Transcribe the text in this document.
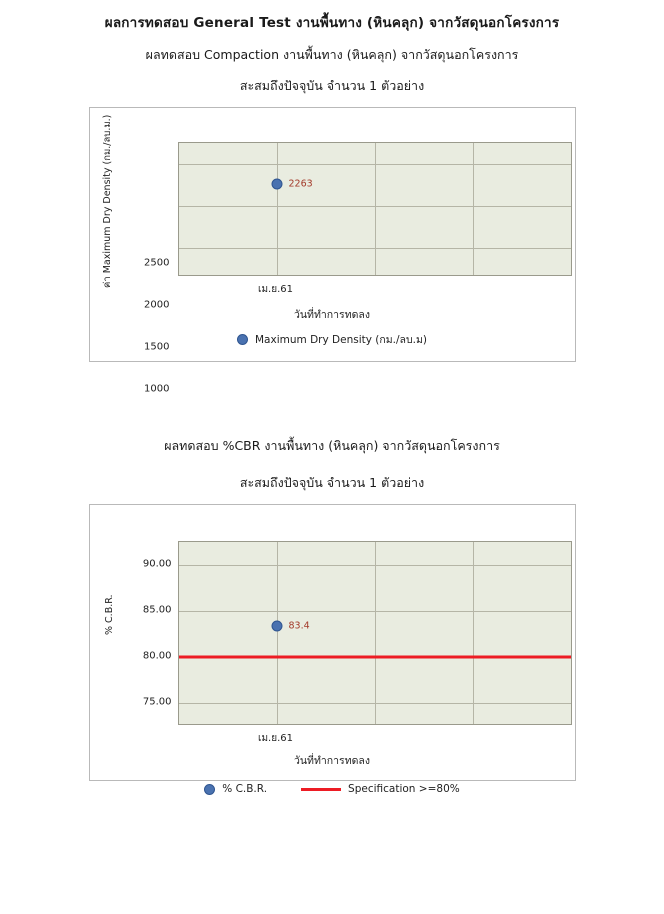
ผลการทดสอบ General Test งานพื้นทาง (หินคลุก) จากวัสดุนอกโครงการ
ผลทดสอบ Compaction งานพื้นทาง (หินคลุก) จากวัสดุนอกโครงการ
สะสมถึงปัจจุบัน จำนวน 1 ตัวอย่าง
ค่า Maximum Dry Density (กม./ลบ.ม.)	2500
2000
1500
1000
2263
เม.ย.61
วันที่ทำการทดลง
Maximum Dry Density (กม./ลบ.ม)
ผลทดสอบ %CBR งานพื้นทาง (หินคลุก) จากวัสดุนอกโครงการ
สะสมถึงปัจจุบัน จำนวน 1 ตัวอย่าง
% C.B.R.
90.00
85.00
80.00
75.00
83.4
เม.ย.61
วันที่ทำการทดลง
% C.B.R.	Specification >=80%
